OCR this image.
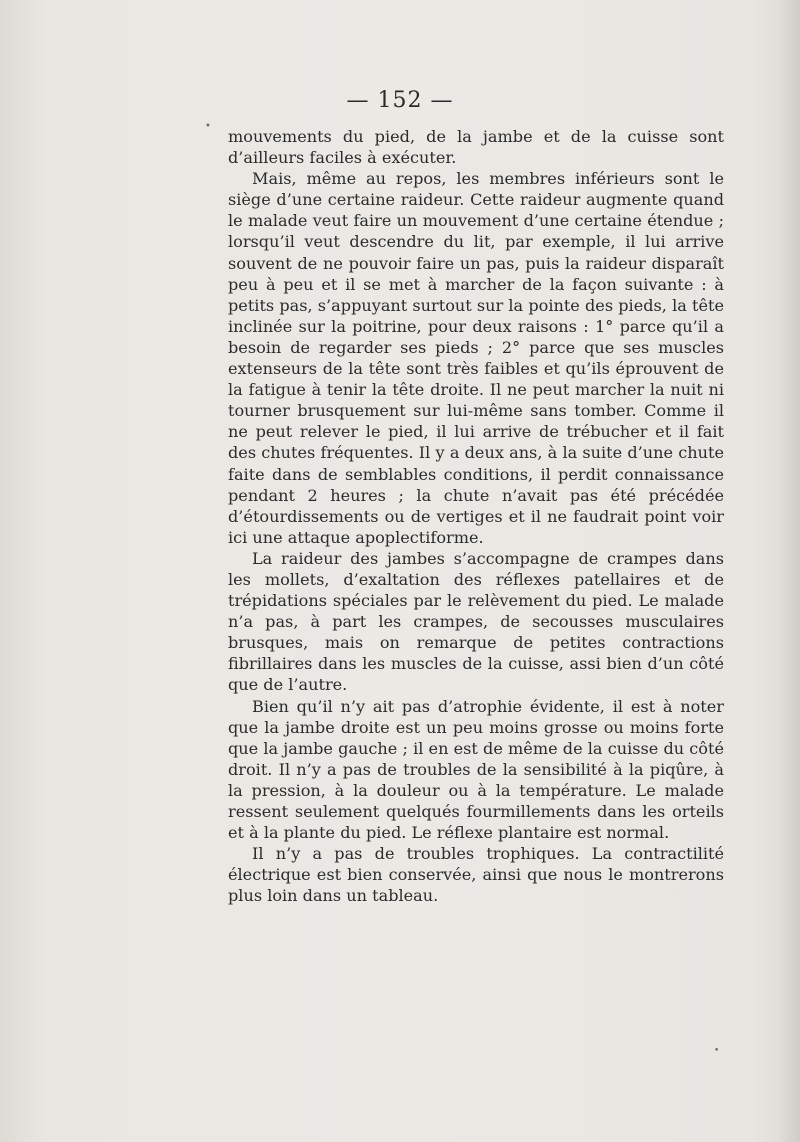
— 152 —
•

mouvements du pied, de la jambe et de la cuisse sont d’ailleurs faciles à exécuter.

Mais, même au repos, les membres inférieurs sont le siège d’une certaine raideur. Cette raideur augmente quand le malade veut faire un mouvement d’une certaine étendue ; lorsqu’il veut descendre du lit, par exemple, il lui arrive souvent de ne pouvoir faire un pas, puis la raideur disparaît peu à peu et il se met à marcher de la façon suivante : à petits pas, s’appuyant surtout sur la pointe des pieds, la tête inclinée sur la poitrine, pour deux raisons : 1° parce qu’il a besoin de regarder ses pieds ; 2° parce que ses muscles extenseurs de la tête sont très faibles et qu’ils éprouvent de la fatigue à tenir la tête droite. Il ne peut marcher la nuit ni tourner brusquement sur lui-même sans tomber. Comme il ne peut relever le pied, il lui arrive de trébucher et il fait des chutes fréquentes. Il y a deux ans, à la suite d’une chute faite dans de semblables conditions, il perdit connaissance pendant 2 heures ; la chute n’avait pas été précédée d’étourdissements ou de vertiges et il ne faudrait point voir ici une attaque apoplectiforme.

La raideur des jambes s’accompagne de crampes dans les mollets, d’exaltation des réflexes patellaires et de trépidations spéciales par le relèvement du pied. Le malade n’a pas, à part les crampes, de secousses musculaires brusques, mais on remarque de petites contractions fibrillaires dans les muscles de la cuisse, assi bien d’un côté que de l’autre.

Bien qu’il n’y ait pas d’atrophie évidente, il est à noter que la jambe droite est un peu moins grosse ou moins forte que la jambe gauche ; il en est de même de la cuisse du côté droit. Il n’y a pas de troubles de la sensibilité à la piqûre, à la pression, à la douleur ou à la température. Le malade ressent seulement quelqués fourmillements dans les orteils et à la plante du pied. Le réflexe plantaire est normal.

Il n’y a pas de troubles trophiques. La contractilité électrique est bien conservée, ainsi que nous le montrerons plus loin dans un tableau.

•
